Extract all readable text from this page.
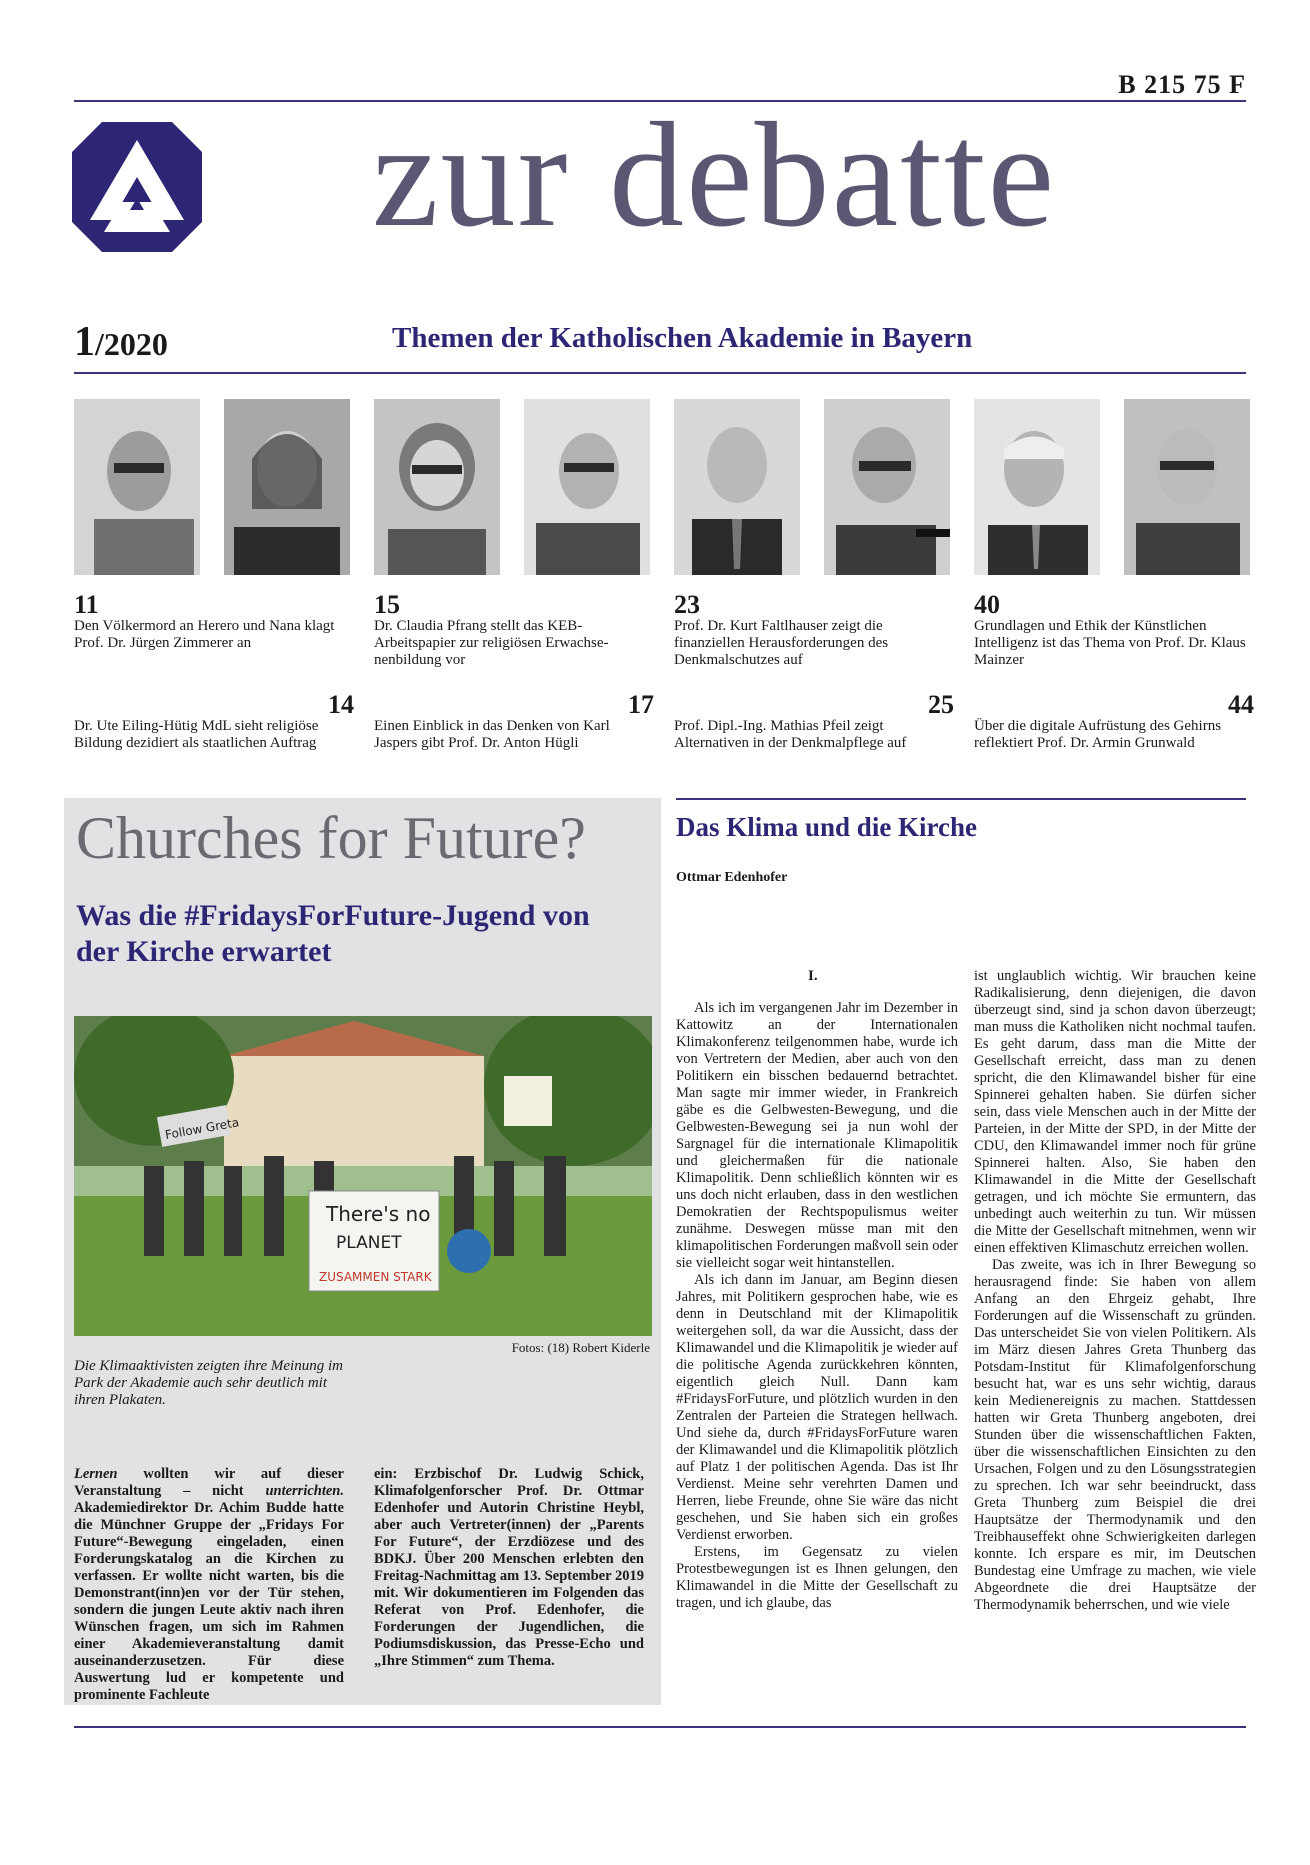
B 215 75 F
zur debatte
1/2020	Themen der Katholischen Akademie in Bayern
11
Den Völkermord an Herero und Nana klagt Prof. Dr. Jürgen Zimmerer an
15
Dr. Claudia Pfrang stellt das KEB-Arbeitspapier zur religiösen Erwachse-nenbildung vor
23
Prof. Dr. Kurt Faltlhauser zeigt die finanziellen Herausforderungen des Denkmalschutzes auf
40
Grundlagen und Ethik der Künstlichen Intelligenz ist das Thema von Prof. Dr. Klaus Mainzer
14
Dr. Ute Eiling-Hütig MdL sieht religiöse Bildung dezidiert als staatlichen Auftrag
17
Einen Einblick in das Denken von Karl Jaspers gibt Prof. Dr. Anton Hügli
25
Prof. Dipl.-Ing. Mathias Pfeil zeigt Alternativen in der Denkmalpflege auf
44
Über die digitale Aufrüstung des Gehirns reflektiert Prof. Dr. Armin Grunwald
Churches for Future?
Was die #FridaysForFuture-Jugend von der Kirche erwartet
There's no
PLANET
ZUSAMMEN STARK
Follow Greta
Fotos: (18) Robert Kiderle
Die Klimaaktivisten zeigten ihre Meinung im Park der Akademie auch sehr deutlich mit ihren Plakaten.
Lernen wollten wir auf dieser Veranstaltung – nicht unterrichten. Akademiedirektor Dr. Achim Budde hatte die Münchner Gruppe der „Fridays For Future“-Bewegung eingeladen, einen Forderungskatalog an die Kirchen zu verfassen. Er wollte nicht warten, bis die Demonstrant(inn)en vor der Tür stehen, sondern die jungen Leute aktiv nach ihren Wünschen fragen, um sich im Rahmen einer Akademieveranstaltung damit auseinanderzusetzen. Für diese Auswertung lud er kompetente und prominente Fachleute
ein: Erzbischof Dr. Ludwig Schick, Klimafolgenforscher Prof. Dr. Ottmar Edenhofer und Autorin Christine Heybl, aber auch Vertreter(innen) der „Parents For Future“, der Erzdiözese und des BDKJ. Über 200 Menschen erlebten den Freitag-Nachmittag am 13. September 2019 mit. Wir dokumentieren im Folgenden das Referat von Prof. Edenhofer, die Forderungen der Jugendlichen, die Podiumsdiskussion, das Presse-Echo und „Ihre Stimmen“ zum Thema.
Das Klima und die Kirche
Ottmar Edenhofer
I.

Als ich im vergangenen Jahr im Dezember in Kattowitz an der Internationalen Klimakonferenz teilgenommen habe, wurde ich von Vertretern der Medien, aber auch von den Politikern ein bisschen bedauernd betrachtet. Man sagte mir immer wieder, in Frankreich gäbe es die Gelbwesten-Bewegung, und die Gelbwesten-Bewegung sei ja nun wohl der Sargnagel für die internationale Klimapolitik und gleichermaßen für die nationale Klimapolitik. Denn schließlich könnten wir es uns doch nicht erlauben, dass in den westlichen Demokratien der Rechtspopulismus weiter zunähme. Deswegen müsse man mit den klimapolitischen Forderungen maßvoll sein oder sie vielleicht sogar weit hintanstellen.

Als ich dann im Januar, am Beginn diesen Jahres, mit Politikern gesprochen habe, wie es denn in Deutschland mit der Klimapolitik weitergehen soll, da war die Aussicht, dass der Klimawandel und die Klimapolitik je wieder auf die politische Agenda zurückkehren könnten, eigentlich gleich Null. Dann kam #FridaysForFuture, und plötzlich wurden in den Zentralen der Parteien die Strategen hellwach. Und siehe da, durch #FridaysForFuture waren der Klimawandel und die Klimapolitik plötzlich auf Platz 1 der politischen Agenda. Das ist Ihr Verdienst. Meine sehr verehrten Damen und Herren, liebe Freunde, ohne Sie wäre das nicht geschehen, und Sie haben sich ein großes Verdienst erworben.

Erstens, im Gegensatz zu vielen Protestbewegungen ist es Ihnen gelungen, den Klimawandel in die Mitte der Gesellschaft zu tragen, und ich glaube, das

ist unglaublich wichtig. Wir brauchen keine Radikalisierung, denn diejenigen, die davon überzeugt sind, sind ja schon davon überzeugt; man muss die Katholiken nicht nochmal taufen. Es geht darum, dass man die Mitte der Gesellschaft erreicht, dass man zu denen spricht, die den Klimawandel bisher für eine Spinnerei gehalten haben. Sie dürfen sicher sein, dass viele Menschen auch in der Mitte der Parteien, in der Mitte der SPD, in der Mitte der CDU, den Klimawandel immer noch für grüne Spinnerei halten. Also, Sie haben den Klimawandel in die Mitte der Gesellschaft getragen, und ich möchte Sie ermuntern, das unbedingt auch weiterhin zu tun. Wir müssen die Mitte der Gesellschaft mitnehmen, wenn wir einen effektiven Klimaschutz erreichen wollen.

Das zweite, was ich in Ihrer Bewegung so herausragend finde: Sie haben von allem Anfang an den Ehrgeiz gehabt, Ihre Forderungen auf die Wissenschaft zu gründen. Das unterscheidet Sie von vielen Politikern. Als im März diesen Jahres Greta Thunberg das Potsdam-Institut für Klimafolgenforschung besucht hat, war es uns sehr wichtig, daraus kein Medienereignis zu machen. Stattdessen hatten wir Greta Thunberg angeboten, drei Stunden über die wissenschaftlichen Fakten, über die wissenschaftlichen Einsichten zu den Ursachen, Folgen und zu den Lösungsstrategien zu sprechen. Ich war sehr beeindruckt, dass Greta Thunberg zum Beispiel die drei Hauptsätze der Thermodynamik und den Treibhauseffekt ohne Schwierigkeiten darlegen konnte. Ich erspare es mir, im Deutschen Bundestag eine Umfrage zu machen, wie viele Abgeordnete die drei Hauptsätze der Thermodynamik beherrschen, und wie viele
